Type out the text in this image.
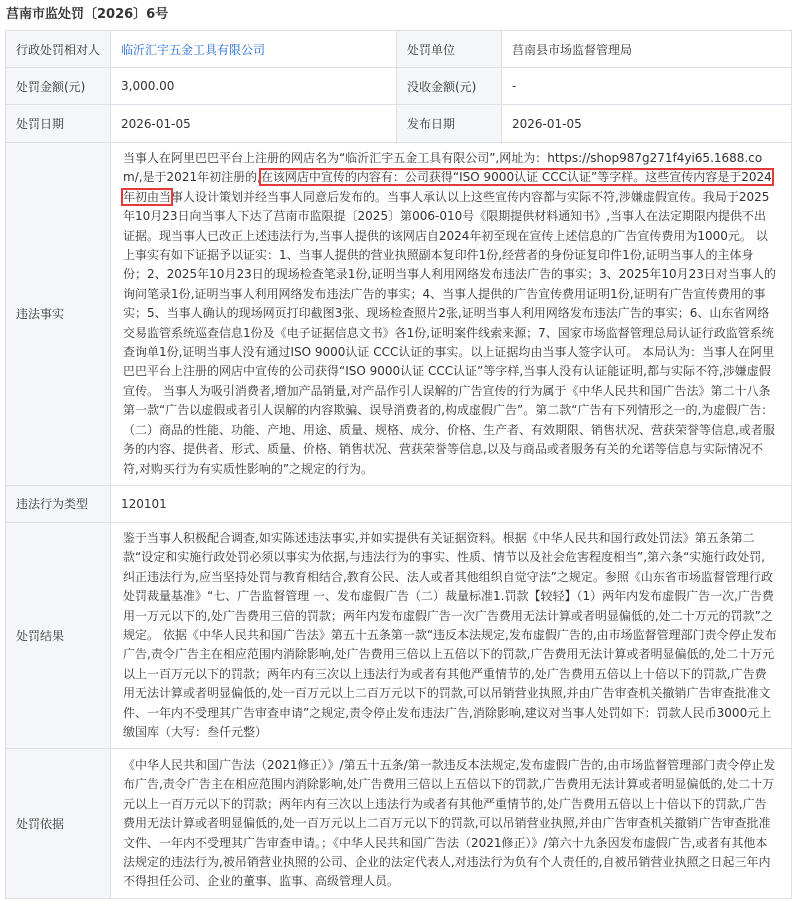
莒南市监处罚〔2026〕6号
行政处罚相对人	临沂汇宇五金工具有限公司	处罚单位	莒南县市场监督管理局
处罚金额(元)	3,000.00	没收金额(元)	-
处罚日期	2026-01-05	发布日期	2026-01-05
违法事实	当事人在阿里巴巴平台上注册的网店名为“临沂汇宇五金工具有限公司”,网址为：https://shop987g271f4yi65.1688.com/,是于2021年初注册的,在该网店中宣传的内容有：公司获得“ISO 9000认证 CCC认证”等字样。这些宣传内容是于2024年初由当事人设计策划并经当事人同意后发布的。当事人承认以上这些宣传内容都与实际不符,涉嫌虚假宣传。我局于2025年10月23日向当事人下达了莒南市监限提〔2025〕第006-010号《限期提供材料通知书》,当事人在法定期限内提供不出证据。现当事人已改正上述违法行为,当事人提供的该网店自2024年初至现在宣传上述信息的广告宣传费用为1000元。 以上事实有如下证据予以证实：1、当事人提供的营业执照副本复印件1份,经营者的身份证复印件1份,证明当事人的主体身份；2、2025年10月23日的现场检查笔录1份,证明当事人利用网络发布违法广告的事实；3、2025年10月23日对当事人的询问笔录1份,证明当事人利用网络发布违法广告的事实；4、当事人提供的广告宣传费用证明1份,证明有广告宣传费用的事实；5、当事人确认的现场网页打印截图3张、现场检查照片2张,证明当事人利用网络发布违法广告的事实；6、山东省网络交易监管系统巡查信息1份及《电子证据信息文书》各1份,证明案件线索来源；7、国家市场监督管理总局认证行政监管系统查询单1份,证明当事人没有通过ISO 9000认证 CCC认证的事实。以上证据均由当事人签字认可。 本局认为：当事人在阿里巴巴平台上注册的网店中宣传的公司获得“ISO 9000认证 CCC认证”等字样,当事人没有认证能证明,都与实际不符,涉嫌虚假宣传。 当事人为吸引消费者,增加产品销量,对产品作引人误解的广告宣传的行为属于《中华人民共和国广告法》第二十八条第一款“广告以虚假或者引人误解的内容欺骗、误导消费者的,构成虚假广告”。第二款“广告有下列情形之一的,为虚假广告：（二）商品的性能、功能、产地、用途、质量、规格、成分、价格、生产者、有效期限、销售状况、营获荣誉等信息,或者服务的内容、提供者、形式、质量、价格、销售状况、营获荣誉等信息,以及与商品或者服务有关的允诺等信息与实际情况不符,对购买行为有实质性影响的”之规定的行为。		
违法行为类型	120101		
处罚结果	鉴于当事人积极配合调查,如实陈述违法事实,并如实提供有关证据资料。根据《中华人民共和国行政处罚法》第五条第二款“设定和实施行政处罚必须以事实为依据,与违法行为的事实、性质、情节以及社会危害程度相当”,第六条“实施行政处罚,纠正违法行为,应当坚持处罚与教育相结合,教育公民、法人或者其他组织自觉守法”之规定。参照《山东省市场监督管理行政处罚裁量基准》“七、广告监督管理 一、发布虚假广告（二）裁量标准1.罚款【较轻】（1）两年内发布虚假广告一次,广告费用一万元以下的,处广告费用三倍的罚款；两年内发布虚假广告一次广告费用无法计算或者明显偏低的,处二十万元的罚款”之规定。 依据《中华人民共和国广告法》第五十五条第一款“违反本法规定,发布虚假广告的,由市场监督管理部门责令停止发布广告,责令广告主在相应范围内消除影响,处广告费用三倍以上五倍以下的罚款,广告费用无法计算或者明显偏低的,处二十万元以上一百万元以下的罚款；两年内有三次以上违法行为或者有其他严重情节的,处广告费用五倍以上十倍以下的罚款,广告费用无法计算或者明显偏低的,处一百万元以上二百万元以下的罚款,可以吊销营业执照,并由广告审查机关撤销广告审查批准文件、一年内不受理其广告审查申请”之规定,责令停止发布违法广告,消除影响,建议对当事人处罚如下：罚款人民币3000元上缴国库（大写：叁仟元整）		
处罚依据	《中华人民共和国广告法（2021修正）》/第五十五条/第一款违反本法规定,发布虚假广告的,由市场监督管理部门责令停止发布广告,责令广告主在相应范围内消除影响,处广告费用三倍以上五倍以下的罚款,广告费用无法计算或者明显偏低的,处二十万元以上一百万元以下的罚款；两年内有三次以上违法行为或者有其他严重情节的,处广告费用五倍以上十倍以下的罚款,广告费用无法计算或者明显偏低的,处一百万元以上二百万元以下的罚款,可以吊销营业执照,并由广告审查机关撤销广告审查批准文件、一年内不受理其广告审查申请。；《中华人民共和国广告法（2021修正）》/第六十九条因发布虚假广告,或者有其他本法规定的违法行为,被吊销营业执照的公司、企业的法定代表人,对违法行为负有个人责任的,自被吊销营业执照之日起三年内不得担任公司、企业的董事、监事、高级管理人员。		
